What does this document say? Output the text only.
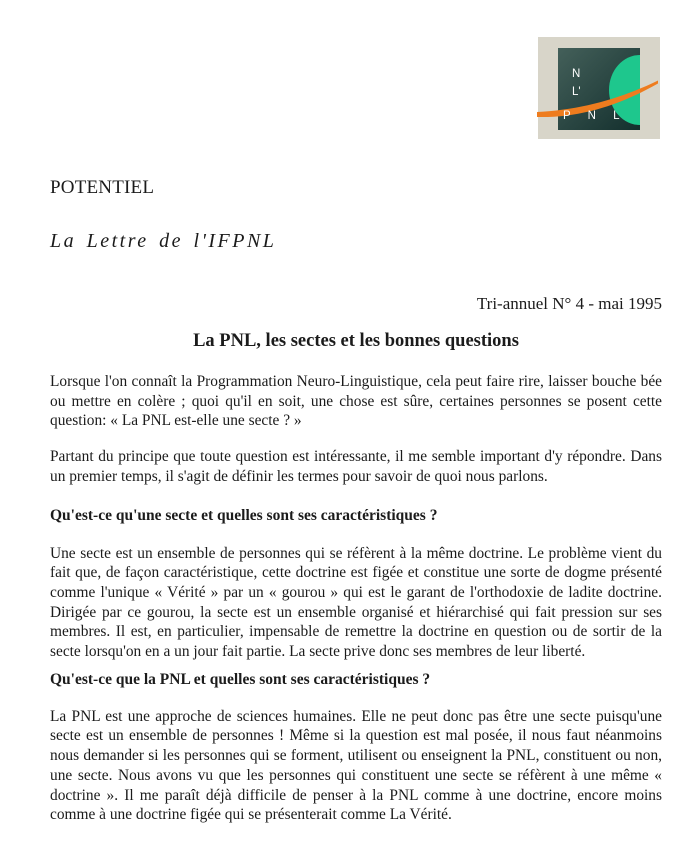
N
L'
P N L
POTENTIEL
La Lettre de l'IFPNL
Tri-annuel N° 4 - mai 1995
La PNL, les sectes et les bonnes questions

Lorsque l'on connaît la Programmation Neuro-Linguistique, cela peut faire rire, laisser bouche bée ou mettre en colère ; quoi qu'il en soit, une chose est sûre, certaines personnes se posent cette question: « La PNL est-elle une secte ? »

Partant du principe que toute question est intéressante, il me semble important d'y répondre. Dans un premier temps, il s'agit de définir les termes pour savoir de quoi nous parlons.

Qu'est-ce qu'une secte et quelles sont ses caractéristiques ?

Une secte est un ensemble de personnes qui se réfèrent à la même doctrine. Le problème vient du fait que, de façon caractéristique, cette doctrine est figée et constitue une sorte de dogme présenté comme l'unique « Vérité » par un « gourou » qui est le garant de l'orthodoxie de ladite doctrine. Dirigée par ce gourou, la secte est un ensemble organisé et hiérarchisé qui fait pression sur ses membres. Il est, en particulier, impensable de remettre la doctrine en question ou de sortir de la secte lorsqu'on en a un jour fait partie. La secte prive donc ses membres de leur liberté.

Qu'est-ce que la PNL et quelles sont ses caractéristiques ?

La PNL est une approche de sciences humaines. Elle ne peut donc pas être une secte puisqu'une secte est un ensemble de personnes ! Même si la question est mal posée, il nous faut néanmoins nous demander si les personnes qui se forment, utilisent ou enseignent la PNL, constituent ou non, une secte. Nous avons vu que les personnes qui constituent une secte se réfèrent à une même « doctrine ». Il me paraît déjà difficile de penser à la PNL comme à une doctrine, encore moins comme à une doctrine figée qui se présenterait comme La Vérité.
